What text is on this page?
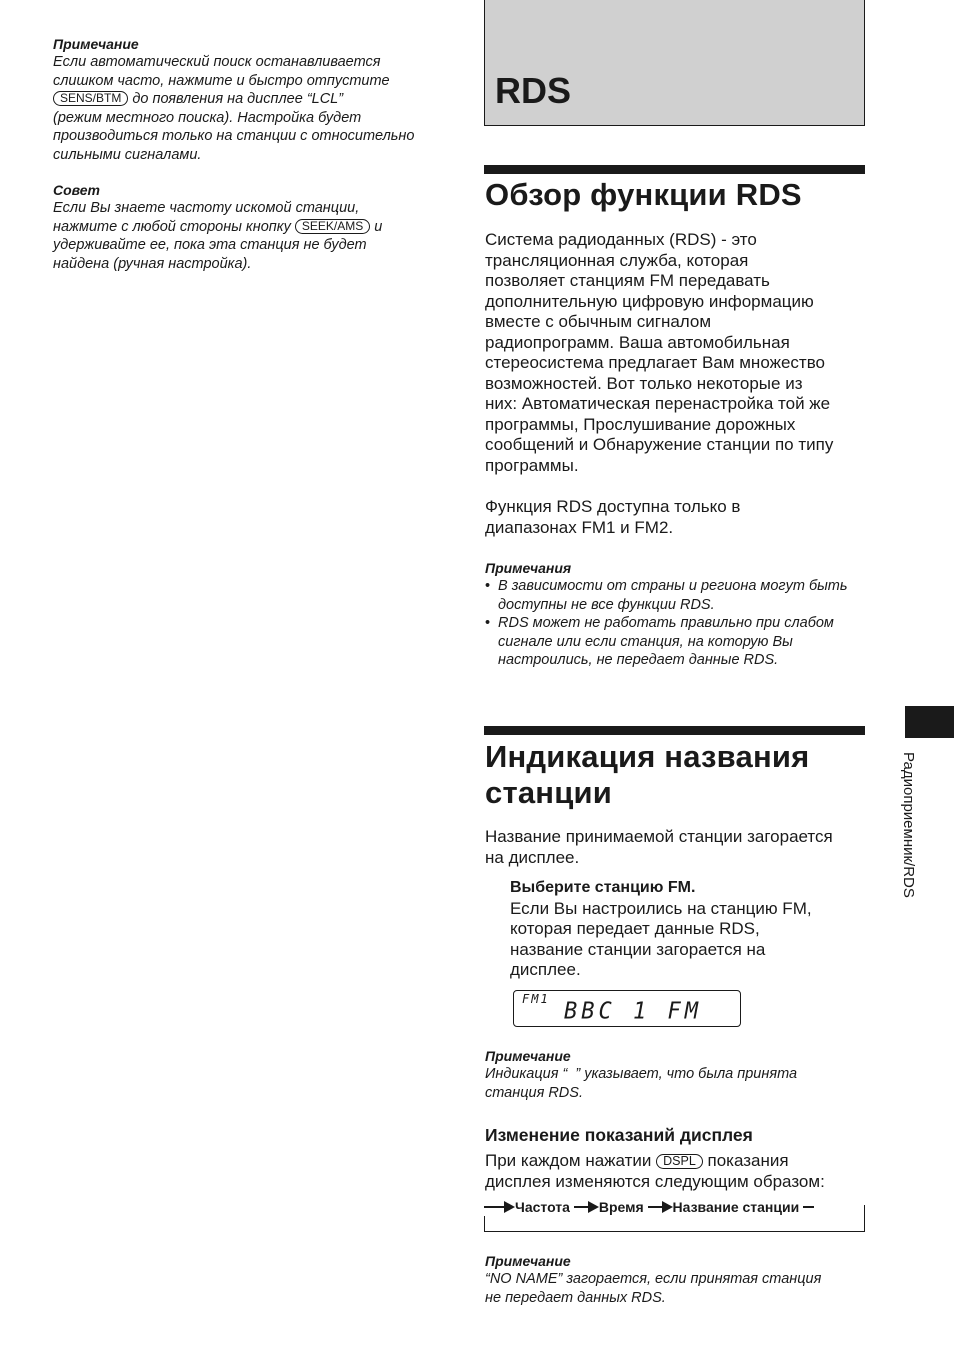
Примечание
Если автоматический поиск останавливается
слишком часто, нажмите и быстро отпустите
SENS/BTM до появления на дисплее “LCL”
(режим местного поиска). Настройка будет
производиться только на станции с относительно
сильными сигналами.
Совет
Если Вы знаете частоту искомой станции,
нажмите с любой стороны кнопку SEEK/AMS и
удерживайте ее, пока эта станция не будет
найдена (ручная настройка).
RDS
Обзор функции RDS
Система радиоданных (RDS) - это
трансляционная служба, которая
позволяет станциям FM передавать
дополнительную цифровую информацию
вместе с обычным сигналом
радиопрограмм. Ваша автомобильная
стереосистема предлагает Вам множество
возможностей. Вот только некоторые из
них: Автоматическая перенастройка той же
программы, Прослушивание дорожных
сообщений и Обнаружение станции по типу
программы.
Функция RDS доступна только в
диапазонах FM1 и FM2.
Примечания
• В зависимости от страны и региона могут быть
доступны не все функции RDS.
• RDS может не работать правильно при слабом
сигнале или если станция, на которую Вы
настроились, не передает данные RDS.
Индикация названия
станции
Название принимаемой станции загорается
на дисплее.
Выберите станцию FM.
Если Вы настроились на станцию FM,
которая передает данные RDS,
название станции загорается на
дисплее.
FM1 BBC 1 FM
Примечание
Индикация “  ” указывает, что была принята
станция RDS.
Изменение показаний дисплея
При каждом нажатии DSPL показания
дисплея изменяются следующим образом:
Частота Время Название станции
Примечание
“NO NAME” загорается, если принятая станция
не передает данных RDS.
Радиоприемник/RDS
